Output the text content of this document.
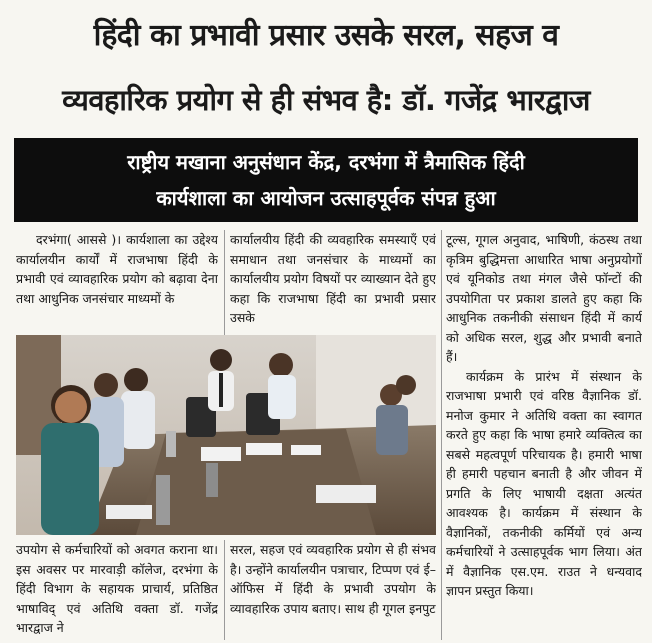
हिंदी का प्रभावी प्रसार उसके सरल, सहज व
व्यवहारिक प्रयोग से ही संभव है: डॉ. गजेंद्र भारद्वाज
राष्ट्रीय मखाना अनुसंधान केंद्र, दरभंगा में त्रैमासिक हिंदी
कार्यशाला का आयोजन उत्साहपूर्वक संपन्न हुआ

दरभंगा( आससे )। कार्यशाला का उद्देश्य कार्यालयीन कार्यों में राजभाषा हिंदी के प्रभावी एवं व्यावहारिक प्रयोग को बढ़ावा देना तथा आधुनिक जनसंचार माध्यमों के

कार्यालयीय हिंदी की व्यवहारिक समस्याएँ एवं समाधान तथा जनसंचार के माध्यमों का कार्यालयीय प्रयोग विषयों पर व्याख्यान देते हुए कहा कि राजभाषा हिंदी का प्रभावी प्रसार उसके

उपयोग से कर्मचारियों को अवगत कराना था। इस अवसर पर मारवाड़ी कॉलेज, दरभंगा के हिंदी विभाग के सहायक प्राचार्य, प्रतिष्ठित भाषाविद् एवं अतिथि वक्ता डॉ. गजेंद्र भारद्वाज ने

सरल, सहज एवं व्यवहारिक प्रयोग से ही संभव है। उन्होंने कार्यालयीन पत्राचार, टिप्पण एवं ई–ऑफिस में हिंदी के प्रभावी उपयोग के व्यावहारिक उपाय बताए। साथ ही गूगल इनपुट

टूल्स, गूगल अनुवाद, भाषिणी, कंठस्थ तथा कृत्रिम बुद्धिमत्ता आधारित भाषा अनुप्रयोगों एवं यूनिकोड तथा मंगल जैसे फॉन्टों की उपयोगिता पर प्रकाश डालते हुए कहा कि आधुनिक तकनीकी संसाधन हिंदी में कार्य को अधिक सरल, शुद्ध और प्रभावी बनाते हैं।

कार्यक्रम के प्रारंभ में संस्थान के राजभाषा प्रभारी एवं वरिष्ठ वैज्ञानिक डॉ. मनोज कुमार ने अतिथि वक्ता का स्वागत करते हुए कहा कि भाषा हमारे व्यक्तित्व का सबसे महत्वपूर्ण परिचायक है। हमारी भाषा ही हमारी पहचान बनाती है और जीवन में प्रगति के लिए भाषायी दक्षता अत्यंत आवश्यक है। कार्यक्रम में संस्थान के वैज्ञानिकों, तकनीकी कर्मियों एवं अन्य कर्मचारियों ने उत्साहपूर्वक भाग लिया। अंत में वैज्ञानिक एस.एम. राउत ने धन्यवाद ज्ञापन प्रस्तुत किया।
